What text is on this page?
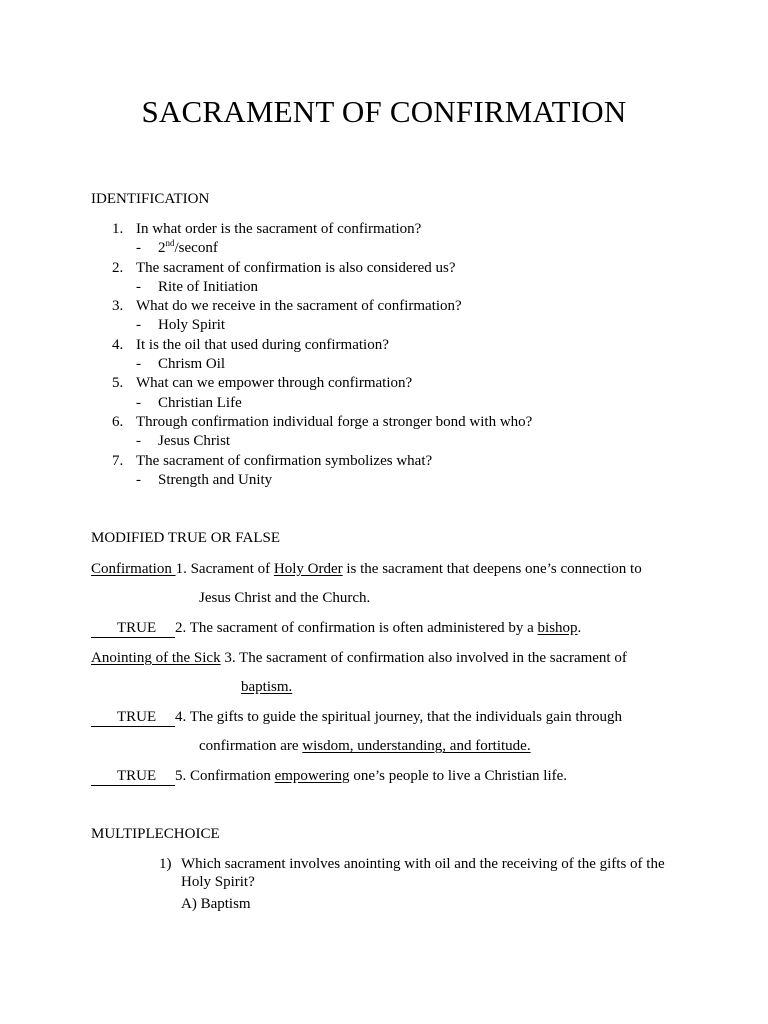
SACRAMENT OF CONFIRMATION
IDENTIFICATION
1. In what order is the sacrament of confirmation?
- 2nd/seconf
2. The sacrament of confirmation is also considered us?
- Rite of Initiation
3. What do we receive in the sacrament of confirmation?
- Holy Spirit
4. It is the oil that used during confirmation?
- Chrism Oil
5. What can we empower through confirmation?
- Christian Life
6. Through confirmation individual forge a stronger bond with who?
- Jesus Christ
7. The sacrament of confirmation symbolizes what?
- Strength and Unity
MODIFIED TRUE OR FALSE
Confirmation 1. Sacrament of Holy Order is the sacrament that deepens one’s connection to
Jesus Christ and the Church.
TRUE 2. The sacrament of confirmation is often administered by a bishop.
Anointing of the Sick 3. The sacrament of confirmation also involved in the sacrament of
baptism.
TRUE 4. The gifts to guide the spiritual journey, that the individuals gain through
confirmation are wisdom, understanding, and fortitude.
TRUE 5. Confirmation empowering one’s people to live a Christian life.
MULTIPLECHOICE
1) Which sacrament involves anointing with oil and the receiving of the gifts of the Holy Spirit?
A) Baptism
